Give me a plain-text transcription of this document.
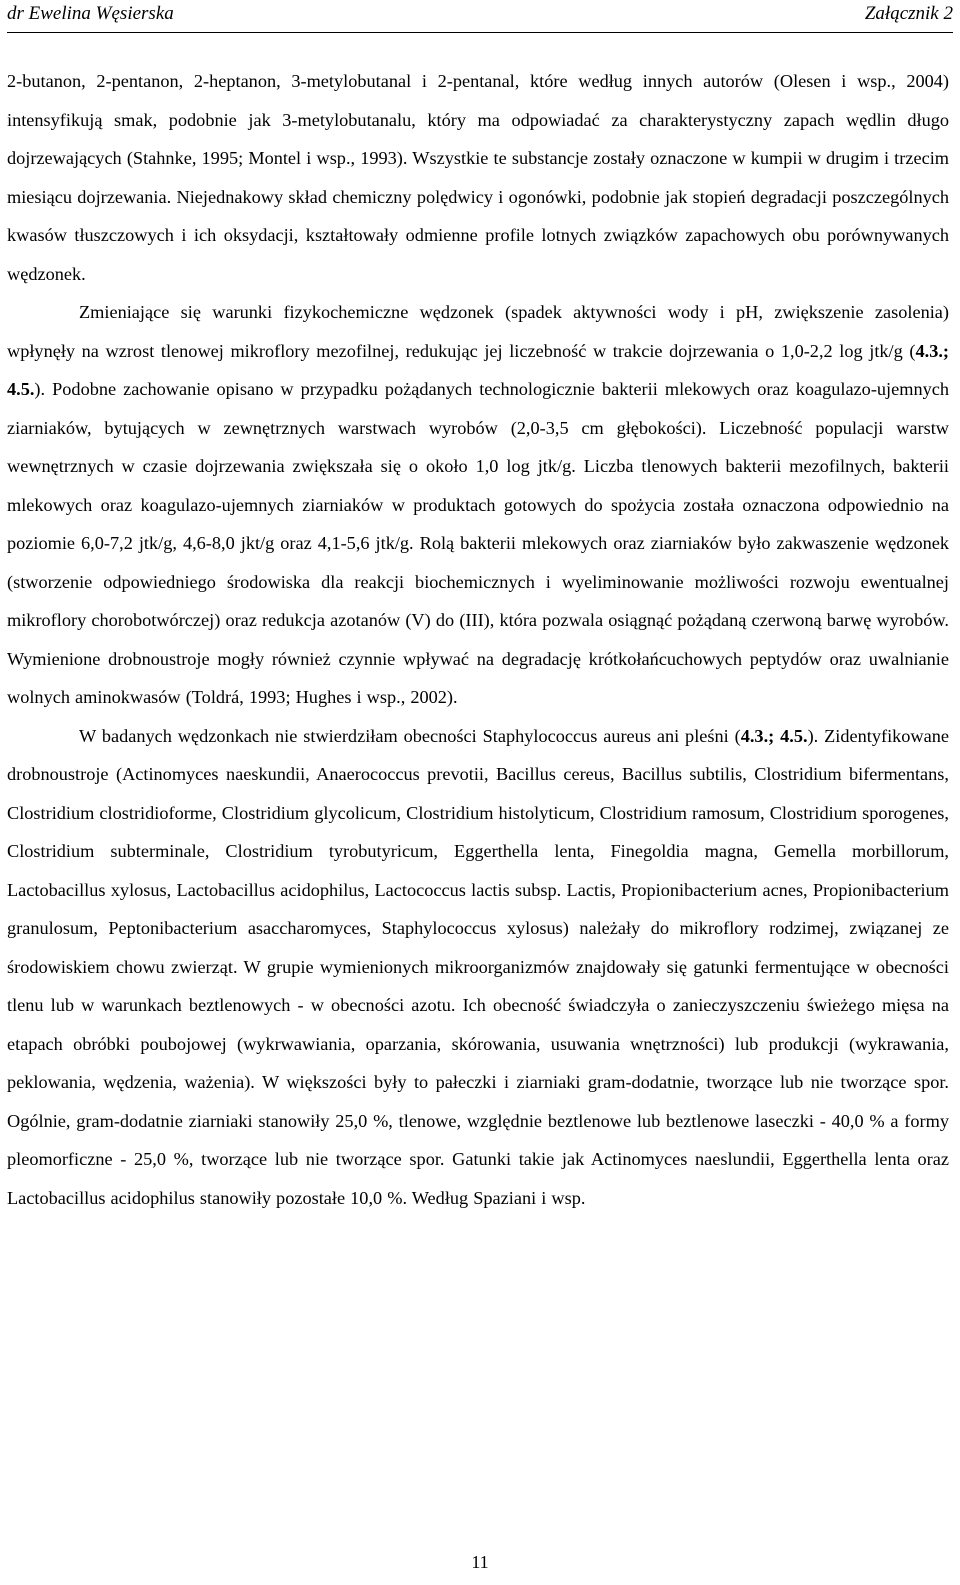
dr Ewelina Węsierska	Załącznik 2

2-butanon, 2-pentanon, 2-heptanon, 3-metylobutanal i 2-pentanal, które według innych autorów (Olesen i wsp., 2004) intensyfikują smak, podobnie jak 3-metylobutanalu, który ma odpowiadać za charakterystyczny zapach wędlin długo dojrzewających (Stahnke, 1995; Montel i wsp., 1993). Wszystkie te substancje zostały oznaczone w kumpii w drugim i trzecim miesiącu dojrzewania. Niejednakowy skład chemiczny polędwicy i ogonówki, podobnie jak stopień degradacji poszczególnych kwasów tłuszczowych i ich oksydacji, kształtowały odmienne profile lotnych związków zapachowych obu porównywanych wędzonek.

Zmieniające się warunki fizykochemiczne wędzonek (spadek aktywności wody i pH, zwiększenie zasolenia) wpłynęły na wzrost tlenowej mikroflory mezofilnej, redukując jej liczebność w trakcie dojrzewania o 1,0-2,2 log jtk/g (4.3.; 4.5.). Podobne zachowanie opisano w przypadku pożądanych technologicznie bakterii mlekowych oraz koagulazo-ujemnych ziarniaków, bytujących w zewnętrznych warstwach wyrobów (2,0-3,5 cm głębokości). Liczebność populacji warstw wewnętrznych w czasie dojrzewania zwiększała się o około 1,0 log jtk/g. Liczba tlenowych bakterii mezofilnych, bakterii mlekowych oraz koagulazo-ujemnych ziarniaków w produktach gotowych do spożycia została oznaczona odpowiednio na poziomie 6,0-7,2 jtk/g, 4,6-8,0 jkt/g oraz 4,1-5,6 jtk/g. Rolą bakterii mlekowych oraz ziarniaków było zakwaszenie wędzonek (stworzenie odpowiedniego środowiska dla reakcji biochemicznych i wyeliminowanie możliwości rozwoju ewentualnej mikroflory chorobotwórczej) oraz redukcja azotanów (V) do (III), która pozwala osiągnąć pożądaną czerwoną barwę wyrobów. Wymienione drobnoustroje mogły również czynnie wpływać na degradację krótkołańcuchowych peptydów oraz uwalnianie wolnych aminokwasów (Toldrá, 1993; Hughes i wsp., 2002).

W badanych wędzonkach nie stwierdziłam obecności Staphylococcus aureus ani pleśni (4.3.; 4.5.). Zidentyfikowane drobnoustroje (Actinomyces naeskundii, Anaerococcus prevotii, Bacillus cereus, Bacillus subtilis, Clostridium bifermentans, Clostridium clostridioforme, Clostridium glycolicum, Clostridium histolyticum, Clostridium ramosum, Clostridium sporogenes, Clostridium subterminale, Clostridium tyrobutyricum, Eggerthella lenta, Finegoldia magna, Gemella morbillorum, Lactobacillus xylosus, Lactobacillus acidophilus, Lactococcus lactis subsp. Lactis, Propionibacterium acnes, Propionibacterium granulosum, Peptonibacterium asaccharomyces, Staphylococcus xylosus) należały do mikroflory rodzimej, związanej ze środowiskiem chowu zwierząt. W grupie wymienionych mikroorganizmów znajdowały się gatunki fermentujące w obecności tlenu lub w warunkach beztlenowych - w obecności azotu. Ich obecność świadczyła o zanieczyszczeniu świeżego mięsa na etapach obróbki poubojowej (wykrwawiania, oparzania, skórowania, usuwania wnętrzności) lub produkcji (wykrawania, peklowania, wędzenia, ważenia). W większości były to pałeczki i ziarniaki gram-dodatnie, tworzące lub nie tworzące spor. Ogólnie, gram-dodatnie ziarniaki stanowiły 25,0 %, tlenowe, względnie beztlenowe lub beztlenowe laseczki - 40,0 % a formy pleomorficzne - 25,0 %, tworzące lub nie tworzące spor. Gatunki takie jak Actinomyces naeslundii, Eggerthella lenta oraz Lactobacillus acidophilus stanowiły pozostałe 10,0 %. Według Spaziani i wsp.

11
